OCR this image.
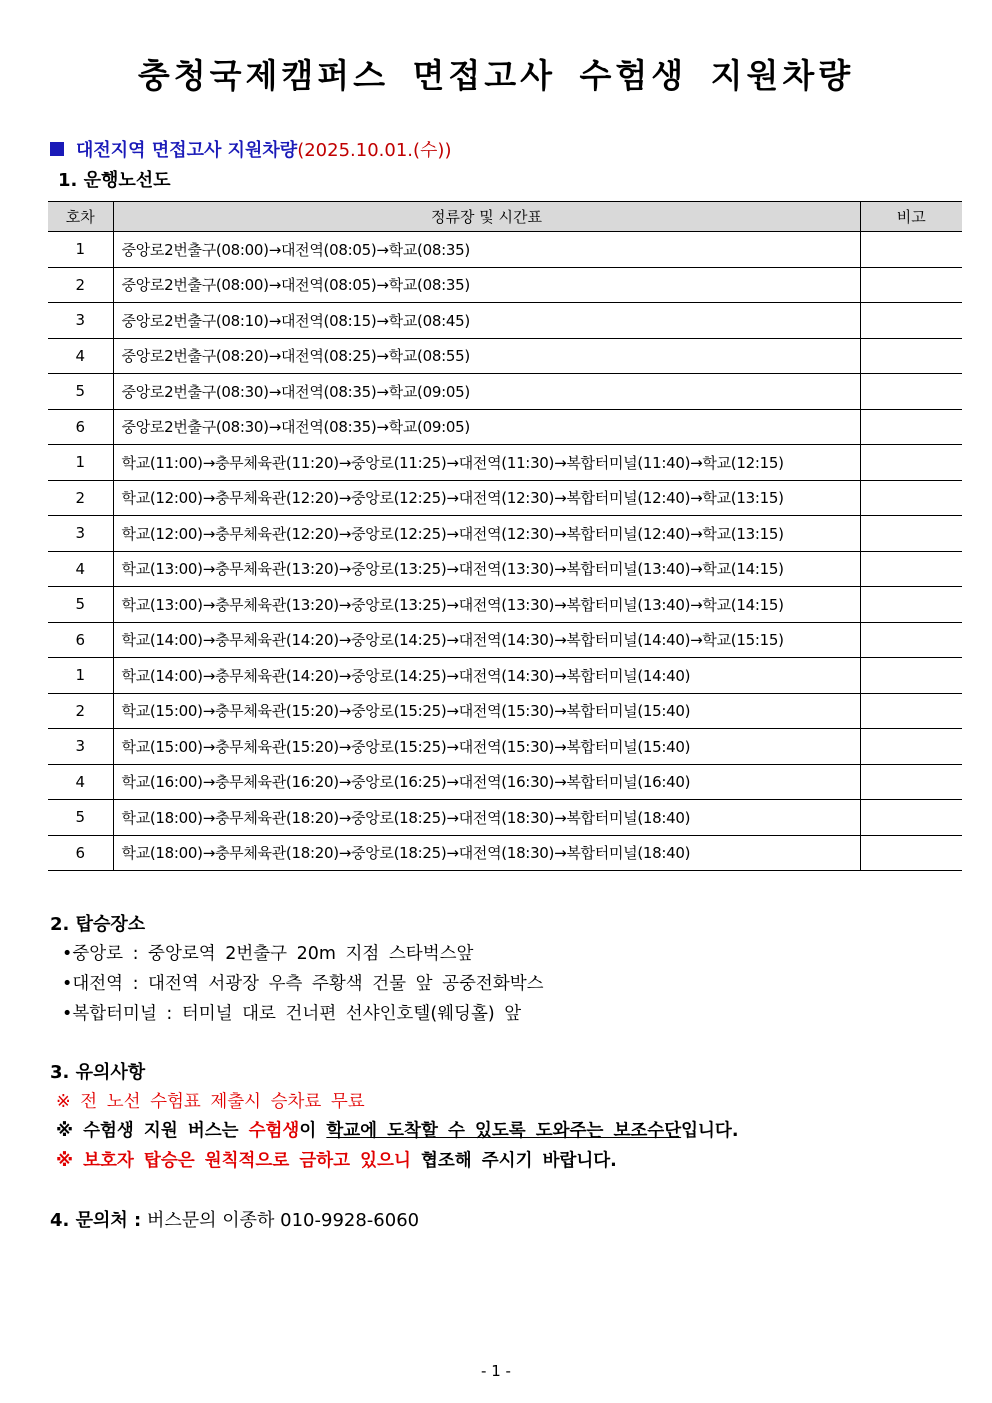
충청국제캠퍼스 면접고사 수험생 지원차량
대전지역 면접고사 지원차량 (2025.10.01.(수))
1. 운행노선도
호차	정류장 및 시간표	비고
1	중앙로2번출구(08:00)→대전역(08:05)→학교(08:35)	
2	중앙로2번출구(08:00)→대전역(08:05)→학교(08:35)	
3	중앙로2번출구(08:10)→대전역(08:15)→학교(08:45)	
4	중앙로2번출구(08:20)→대전역(08:25)→학교(08:55)	
5	중앙로2번출구(08:30)→대전역(08:35)→학교(09:05)	
6	중앙로2번출구(08:30)→대전역(08:35)→학교(09:05)	
1	학교(11:00)→충무체육관(11:20)→중앙로(11:25)→대전역(11:30)→복합터미널(11:40)→학교(12:15)	
2	학교(12:00)→충무체육관(12:20)→중앙로(12:25)→대전역(12:30)→복합터미널(12:40)→학교(13:15)	
3	학교(12:00)→충무체육관(12:20)→중앙로(12:25)→대전역(12:30)→복합터미널(12:40)→학교(13:15)	
4	학교(13:00)→충무체육관(13:20)→중앙로(13:25)→대전역(13:30)→복합터미널(13:40)→학교(14:15)	
5	학교(13:00)→충무체육관(13:20)→중앙로(13:25)→대전역(13:30)→복합터미널(13:40)→학교(14:15)	
6	학교(14:00)→충무체육관(14:20)→중앙로(14:25)→대전역(14:30)→복합터미널(14:40)→학교(15:15)	
1	학교(14:00)→충무체육관(14:20)→중앙로(14:25)→대전역(14:30)→복합터미널(14:40)	
2	학교(15:00)→충무체육관(15:20)→중앙로(15:25)→대전역(15:30)→복합터미널(15:40)	
3	학교(15:00)→충무체육관(15:20)→중앙로(15:25)→대전역(15:30)→복합터미널(15:40)	
4	학교(16:00)→충무체육관(16:20)→중앙로(16:25)→대전역(16:30)→복합터미널(16:40)	
5	학교(18:00)→충무체육관(18:20)→중앙로(18:25)→대전역(18:30)→복합터미널(18:40)	
6	학교(18:00)→충무체육관(18:20)→중앙로(18:25)→대전역(18:30)→복합터미널(18:40)	
2. 탑승장소
•중앙로 : 중앙로역 2번출구 20m 지점 스타벅스앞
•대전역 : 대전역 서광장 우측 주황색 건물 앞 공중전화박스
•복합터미널 : 터미널 대로 건너편 선샤인호텔(웨딩홀) 앞
3. 유의사항
※ 전 노선 수험표 제출시 승차료 무료
※ 수험생 지원 버스는 수험생이 학교에 도착할 수 있도록 도와주는 보조수단입니다.
※ 보호자 탑승은 원칙적으로 금하고 있으니 협조해 주시기 바랍니다.
4. 문의처 : 버스문의 이종하 010-9928-6060
- 1 -
